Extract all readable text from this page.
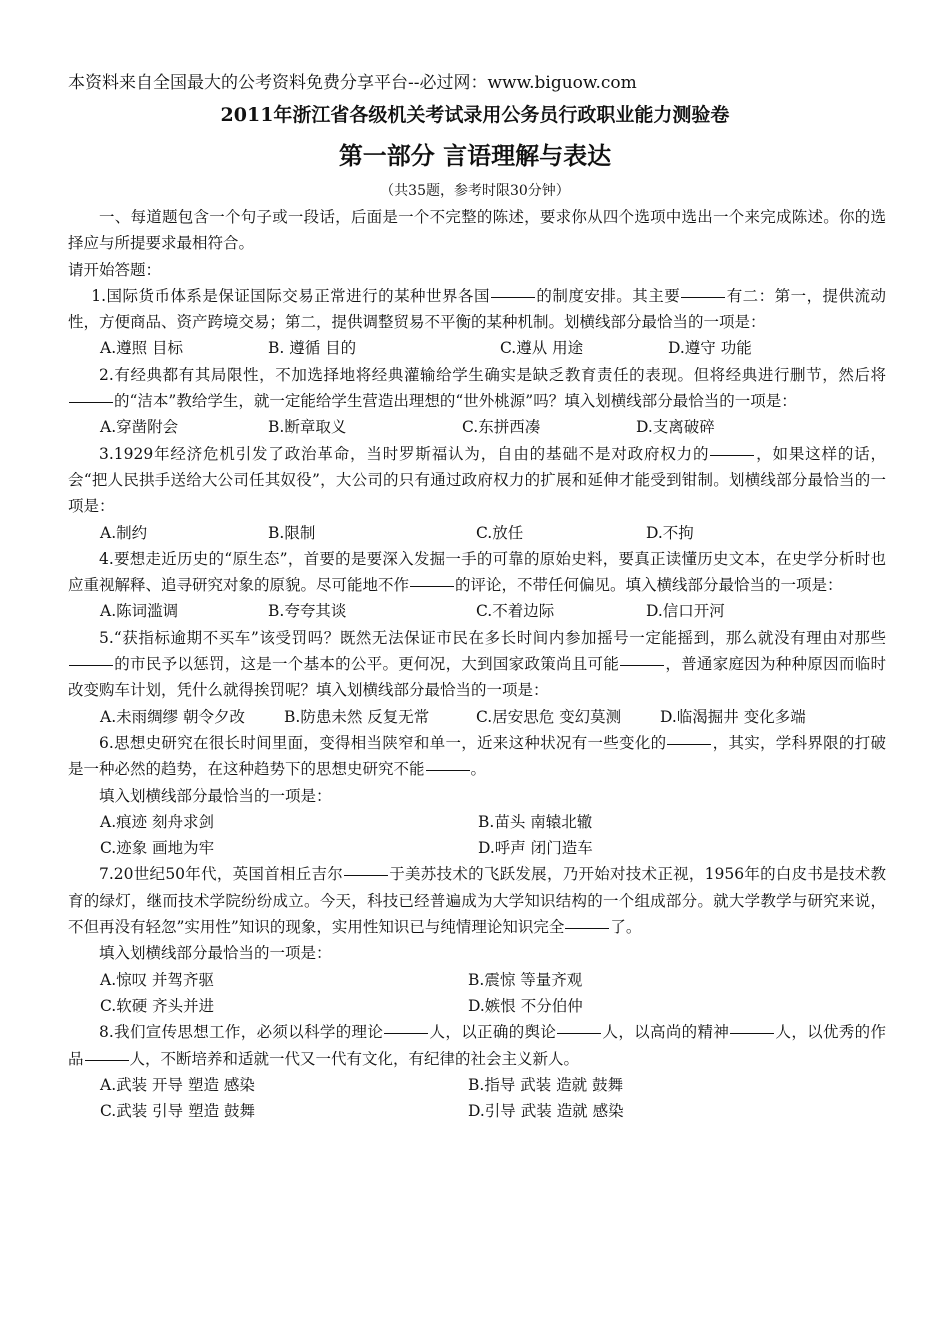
本资料来自全国最大的公考资料免费分享平台--必过网：www.biguow.com
2011年浙江省各级机关考试录用公务员行政职业能力测验卷
第一部分 言语理解与表达
（共35题，参考时限30分钟）

一、每道题包含一个句子或一段话，后面是一个不完整的陈述，要求你从四个选项中选出一个来完成陈述。你的选择应与所提要求最相符合。

请开始答题：

1.国际货币体系是保证国际交易正常进行的某种世界各国	的制度安排。其主要	有二：第一，提供流动性，方便商品、资产跨境交易；第二，提供调整贸易不平衡的某种机制。划横线部分最恰当的一项是：

A.遵照 目标	B. 遵循 目的	C.遵从 用途	D.遵守 功能

2.有经典都有其局限性，不加选择地将经典灌输给学生确实是缺乏教育责任的表现。但将经典进行删节，然后将的“洁本”教给学生，就一定能给学生营造出理想的“世外桃源”吗？填入划横线部分最恰当的一项是：

A.穿凿附会	B.断章取义	C.东拼西凑	D.支离破碎

3.1929年经济危机引发了政治革命，当时罗斯福认为，自由的基础不是对政府权力的	，如果这样的话，会“把人民拱手送给大公司任其奴役”，大公司的只有通过政府权力的扩展和延伸才能受到钳制。划横线部分最恰当的一项是：

A.制约	B.限制	C.放任	D.不拘

4.要想走近历史的“原生态”，首要的是要深入发掘一手的可靠的原始史料，要真正读懂历史文本，在史学分析时也应重视解释、追寻研究对象的原貌。尽可能地不作	的评论，不带任何偏见。填入横线部分最恰当的一项是：

A.陈词滥调	B.夸夸其谈	C.不着边际	D.信口开河

5.“获指标逾期不买车”该受罚吗？既然无法保证市民在多长时间内参加摇号一定能摇到，那么就没有理由对那些的市民予以惩罚，这是一个基本的公平。更何况，大到国家政策尚且可能	，普通家庭因为种种原因而临时改变购车计划，凭什么就得挨罚呢？填入划横线部分最恰当的一项是：

A.未雨绸缪 朝令夕改	B.防患未然 反复无常	C.居安思危 变幻莫测	D.临渴掘井 变化多端

6.思想史研究在很长时间里面，变得相当陕窄和单一，近来这种状况有一些变化的	，其实，学科界限的打破是一种必然的趋势，在这种趋势下的思想史研究不能	。

填入划横线部分最恰当的一项是：

A.痕迹 刻舟求剑	B.苗头 南辕北辙
C.迹象 画地为牢	D.呼声 闭门造车

7.20世纪50年代，英国首相丘吉尔	于美苏技术的飞跃发展，乃开始对技术正视，1956年的白皮书是技术教育的绿灯，继而技术学院纷纷成立。今天，科技已经普遍成为大学知识结构的一个组成部分。就大学教学与研究来说，不但再没有轻忽”实用性”知识的现象，实用性知识已与纯情理论知识完全	了。

填入划横线部分最恰当的一项是：

A.惊叹 并驾齐驱	B.震惊 等量齐观
C.软硬 齐头并进	D.嫉恨 不分伯仲

8.我们宣传思想工作，必须以科学的理论	人，以正确的舆论	人，以高尚的精神	人，以优秀的作品	人，不断培养和适就一代又一代有文化，有纪律的社会主义新人。

A.武装 开导 塑造 感染	B.指导 武装 造就 鼓舞
C.武装 引导 塑造 鼓舞	D.引导 武装 造就 感染
